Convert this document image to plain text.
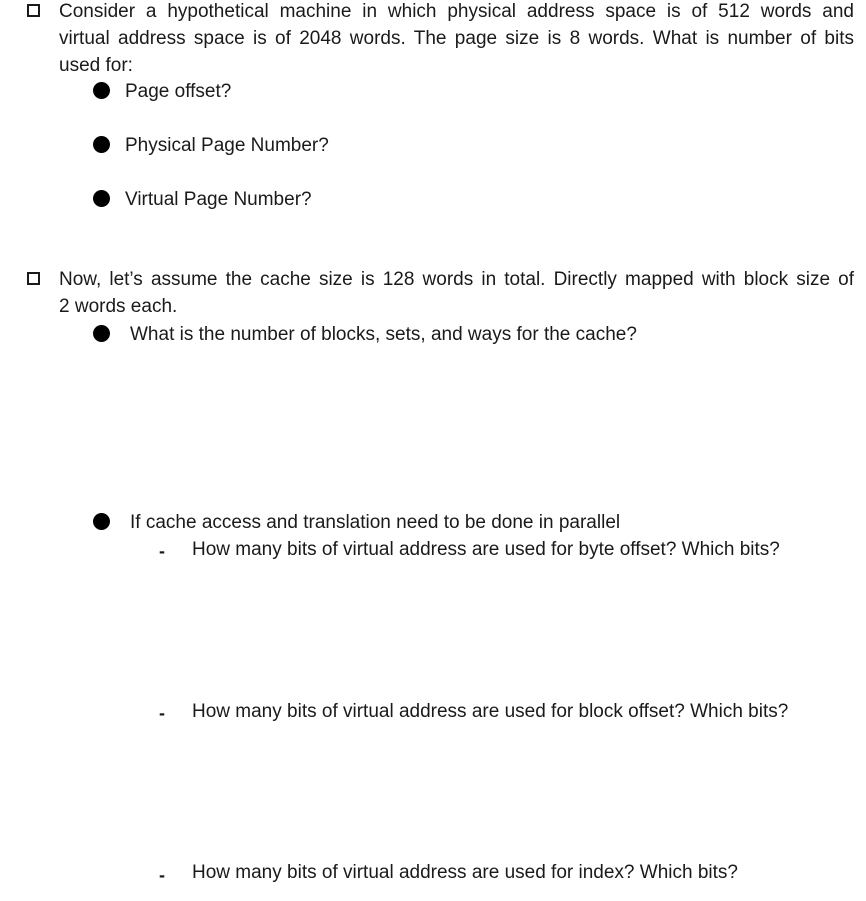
Consider a hypothetical machine in which physical address space is of 512 words and
virtual address space is of 2048 words. The page size is 8 words. What is number of bits
used for:
Page offset?
Physical Page Number?
Virtual Page Number?
Now, let’s assume the cache size is 128 words in total. Directly mapped with block size of
2 words each.
What is the number of blocks, sets, and ways for the cache?
If cache access and translation need to be done in parallel
- How many bits of virtual address are used for byte offset? Which bits?
- How many bits of virtual address are used for block offset? Which bits?
- How many bits of virtual address are used for index? Which bits?
